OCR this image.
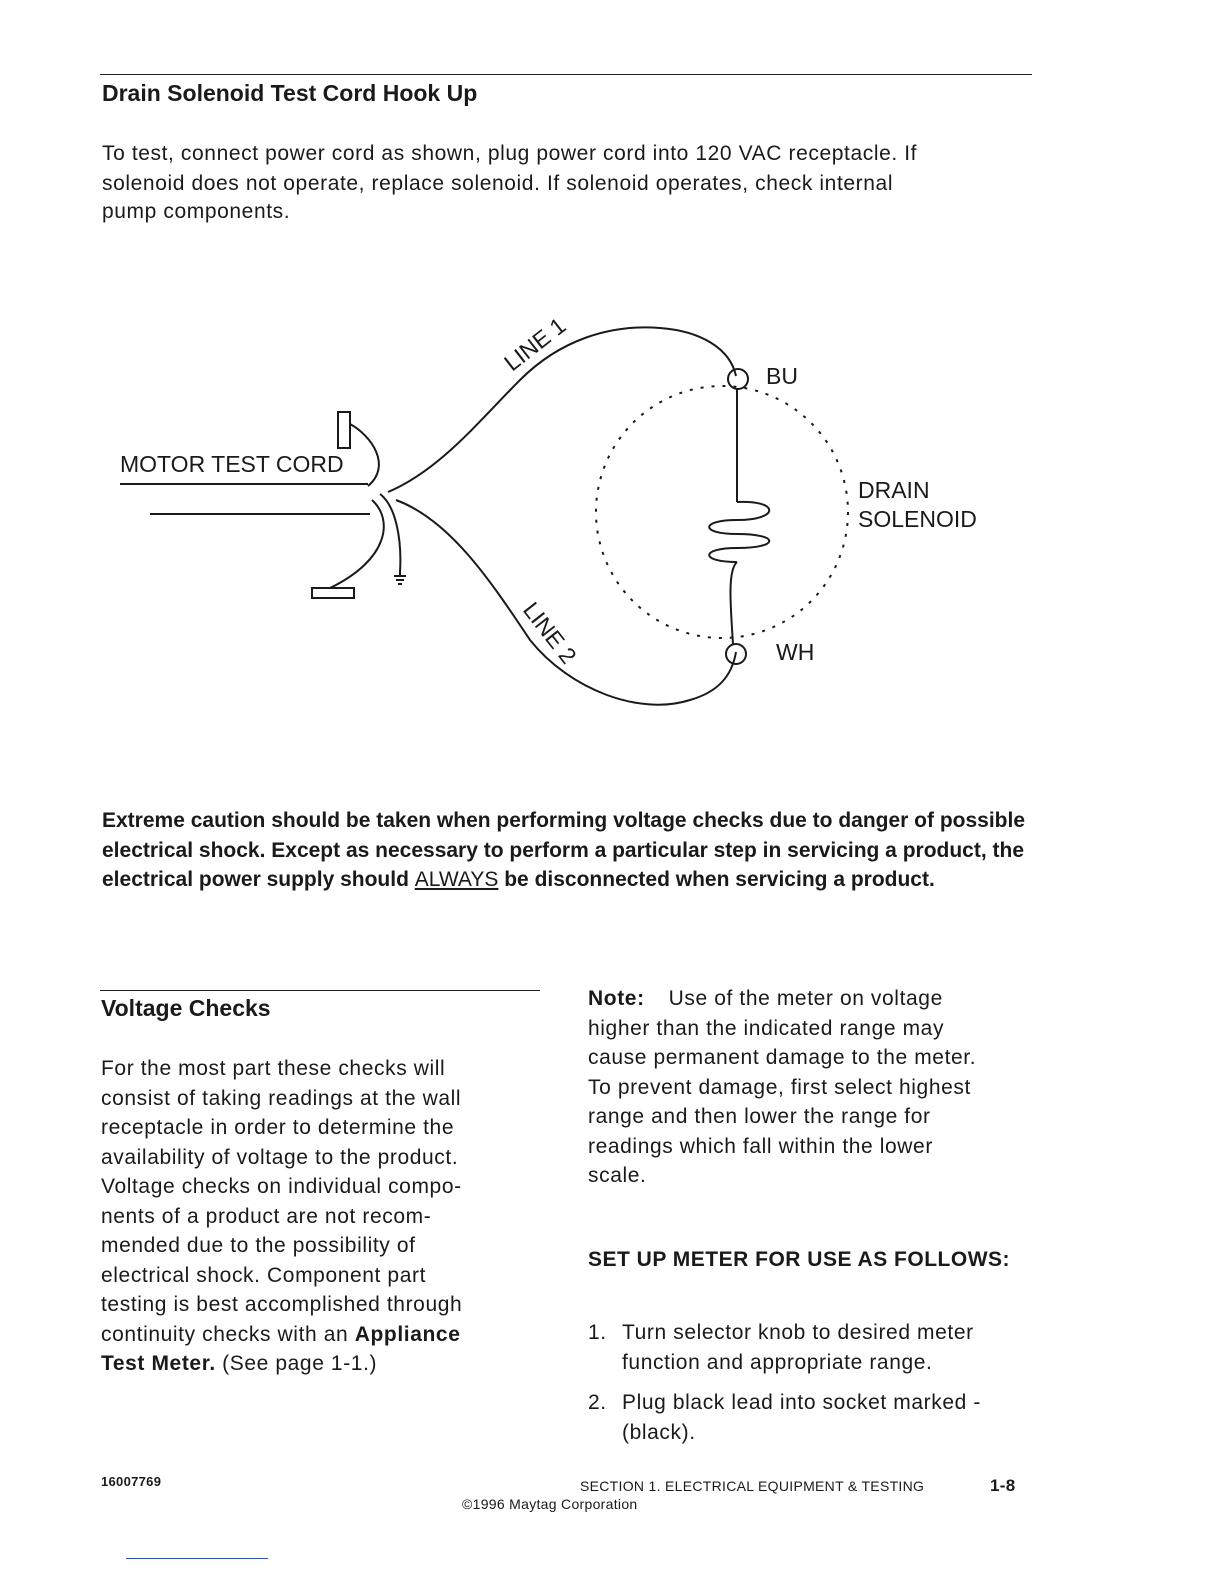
Drain Solenoid Test Cord Hook Up
To test, connect power cord as shown, plug power cord into 120 VAC receptacle. If
solenoid does not operate, replace solenoid. If solenoid operates, check internal
pump components.
MOTOR TEST CORD
LINE 1
LINE 2
BU
WH
DRAIN
SOLENOID
Extreme caution should be taken when performing voltage checks due to danger of possible electrical shock. Except as necessary to perform a particular step in servicing a product, the electrical power supply should ALWAYS be disconnected when servicing a product.
Voltage Checks
For the most part these checks will
consist of taking readings at the wall
receptacle in order to determine the
availability of voltage to the product.
Voltage checks on individual compo-
nents of a product are not recom-
mended due to the possibility of
electrical shock. Component part
testing is best accomplished through
continuity checks with an Appliance
Test Meter. (See page 1-1.)
Note: Use of the meter on voltage
higher than the indicated range may
cause permanent damage to the meter.
To prevent damage, first select highest
range and then lower the range for
readings which fall within the lower
scale.
SET UP METER FOR USE AS FOLLOWS:
1. Turn selector knob to desired meter
function and appropriate range.
2. Plug black lead into socket marked -
(black).
16007769	SECTION 1. ELECTRICAL EQUIPMENT & TESTING	1-8
©1996 Maytag Corporation
